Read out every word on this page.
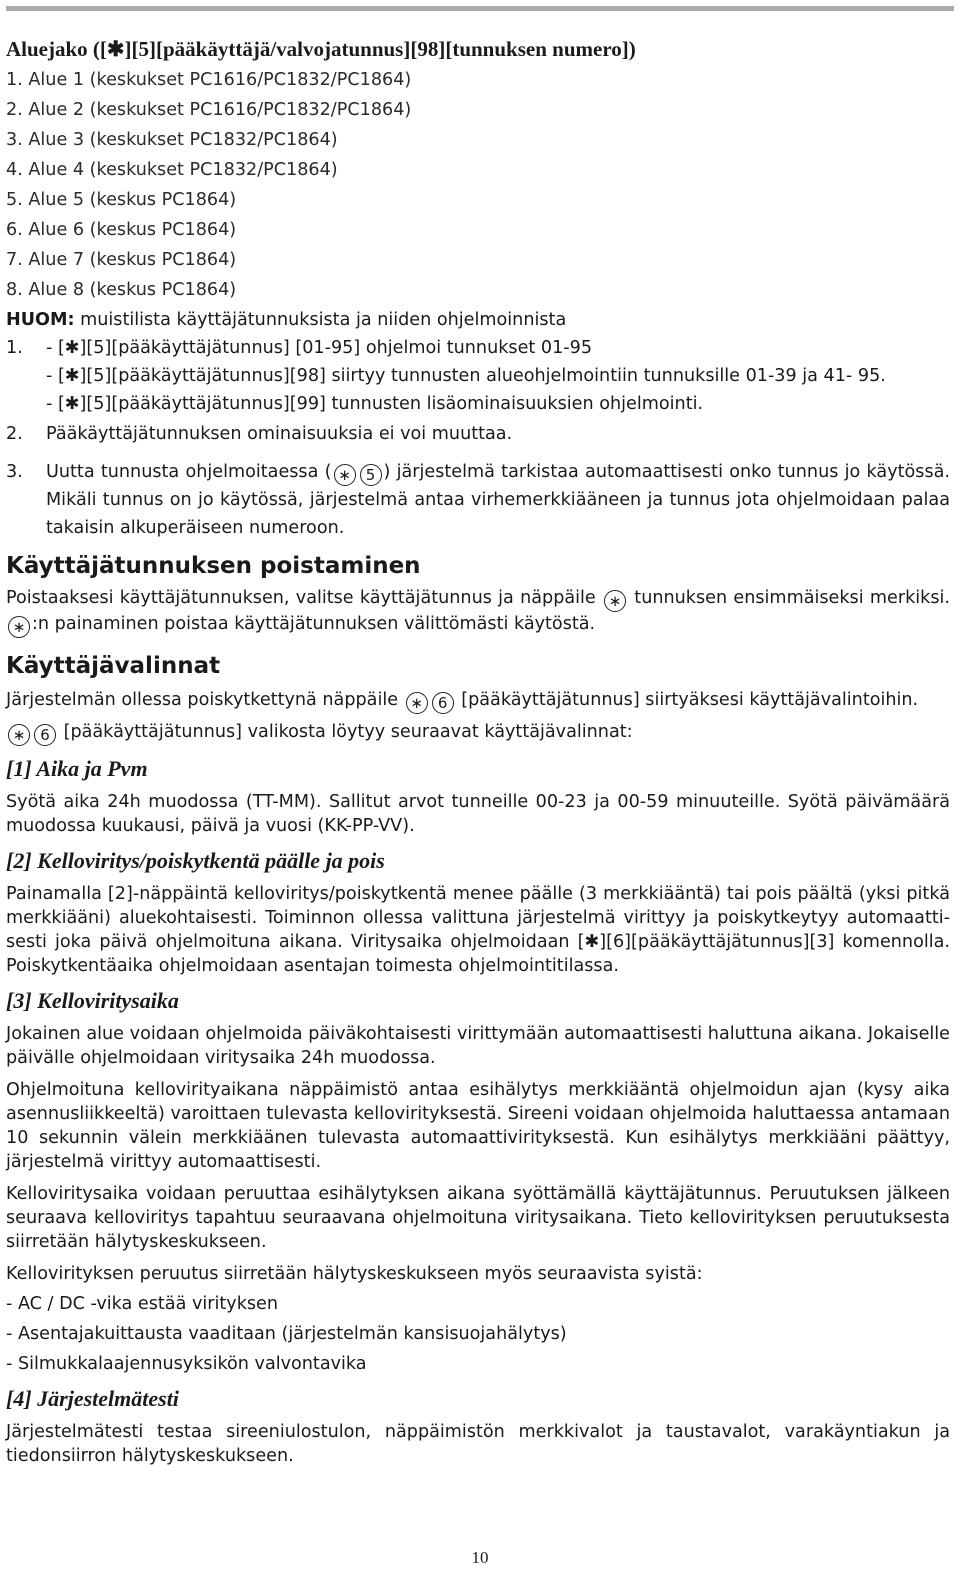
Aluejako ([✱][5][pääkäyttäjä/valvojatunnus][98][tunnuksen numero])
1. Alue 1 (keskukset PC1616/PC1832/PC1864)
2. Alue 2 (keskukset PC1616/PC1832/PC1864)
3. Alue 3 (keskukset PC1832/PC1864)
4. Alue 4 (keskukset PC1832/PC1864)
5. Alue 5 (keskus PC1864)
6. Alue 6 (keskus PC1864)
7. Alue 7 (keskus PC1864)
8. Alue 8 (keskus PC1864)
HUOM: muistilista käyttäjätunnuksista ja niiden ohjelmoinnista
1.	- [✱][5][pääkäyttäjätunnus] [01-95] ohjelmoi tunnukset 01-95
- [✱][5][pääkäyttäjätunnus][98] siirtyy tunnusten alueohjelmointiin tunnuksille 01-39 ja 41- 95.
- [✱][5][pääkäyttäjätunnus][99] tunnusten lisäominaisuuksien ohjelmointi.
2.	Pääkäyttäjätunnuksen ominaisuuksia ei voi muuttaa.
3.	Uutta tunnusta ohjelmoitaessa ( ∗ 5 ) järjestelmä tarkistaa automaattisesti onko tunnus jo käytössä. Mikäli tunnus on jo käytössä, järjestelmä antaa virhemerkkiääneen ja tunnus jota ohjelmoidaan palaa takaisin alkuperäiseen numeroon.
Käyttäjätunnuksen poistaminen
Poistaaksesi käyttäjätunnuksen, valitse käyttäjätunnus ja näppäile ∗ tunnuksen ensimmäiseksi merkiksi. ∗ :n painaminen poistaa käyttäjätunnuksen välittömästi käytöstä.
Käyttäjävalinnat
Järjestelmän ollessa poiskytkettynä näppäile ∗ 6 [pääkäyttäjätunnus] siirtyäksesi käyttäjävalintoihin.
∗ 6 [pääkäyttäjätunnus] valikosta löytyy seuraavat käyttäjävalinnat:
[1] Aika ja Pvm
Syötä aika 24h muodossa (TT-MM). Sallitut arvot tunneille 00-23 ja 00-59 minuuteille. Syötä päivämäärä muodossa kuukausi, päivä ja vuosi (KK-PP-VV).
[2] Kelloviritys/poiskytkentä päälle ja pois
Painamalla [2]-näppäintä kelloviritys/poiskytkentä menee päälle (3 merkkiääntä) tai pois päältä (yksi pitkä merkkiääni) aluekohtaisesti. Toiminnon ollessa valittuna järjestelmä virittyy ja poiskytkeytyy automaatti-sesti joka päivä ohjelmoituna aikana. Viritysaika ohjelmoidaan [✱][6][pääkäyttäjätunnus][3] komennolla. Poiskytkentäaika ohjelmoidaan asentajan toimesta ohjelmointitilassa.
[3] Kelloviritysaika
Jokainen alue voidaan ohjelmoida päiväkohtaisesti virittymään automaattisesti haluttuna aikana. Jokaiselle päivälle ohjelmoidaan viritysaika 24h muodossa.
Ohjelmoituna kellovirityaikana näppäimistö antaa esihälytys merkkiääntä ohjelmoidun ajan (kysy aika asennusliikkeeltä) varoittaen tulevasta kellovirityksestä. Sireeni voidaan ohjelmoida haluttaessa antamaan 10 sekunnin välein merkkiäänen tulevasta automaattivirityksestä. Kun esihälytys merkkiääni päättyy, järjestelmä virittyy automaattisesti.
Kelloviritysaika voidaan peruuttaa esihälytyksen aikana syöttämällä käyttäjätunnus. Peruutuksen jälkeen seuraava kelloviritys tapahtuu seuraavana ohjelmoituna viritysaikana. Tieto kellovirityksen peruutuksesta siirretään hälytyskeskukseen.
Kellovirityksen peruutus siirretään hälytyskeskukseen myös seuraavista syistä:
- AC / DC -vika estää virityksen
- Asentajakuittausta vaaditaan (järjestelmän kansisuojahälytys)
- Silmukkalaajennusyksikön valvontavika
[4] Järjestelmätesti
Järjestelmätesti testaa sireeniulostulon, näppäimistön merkkivalot ja taustavalot, varakäyntiakun ja tiedonsiirron hälytyskeskukseen.
10
